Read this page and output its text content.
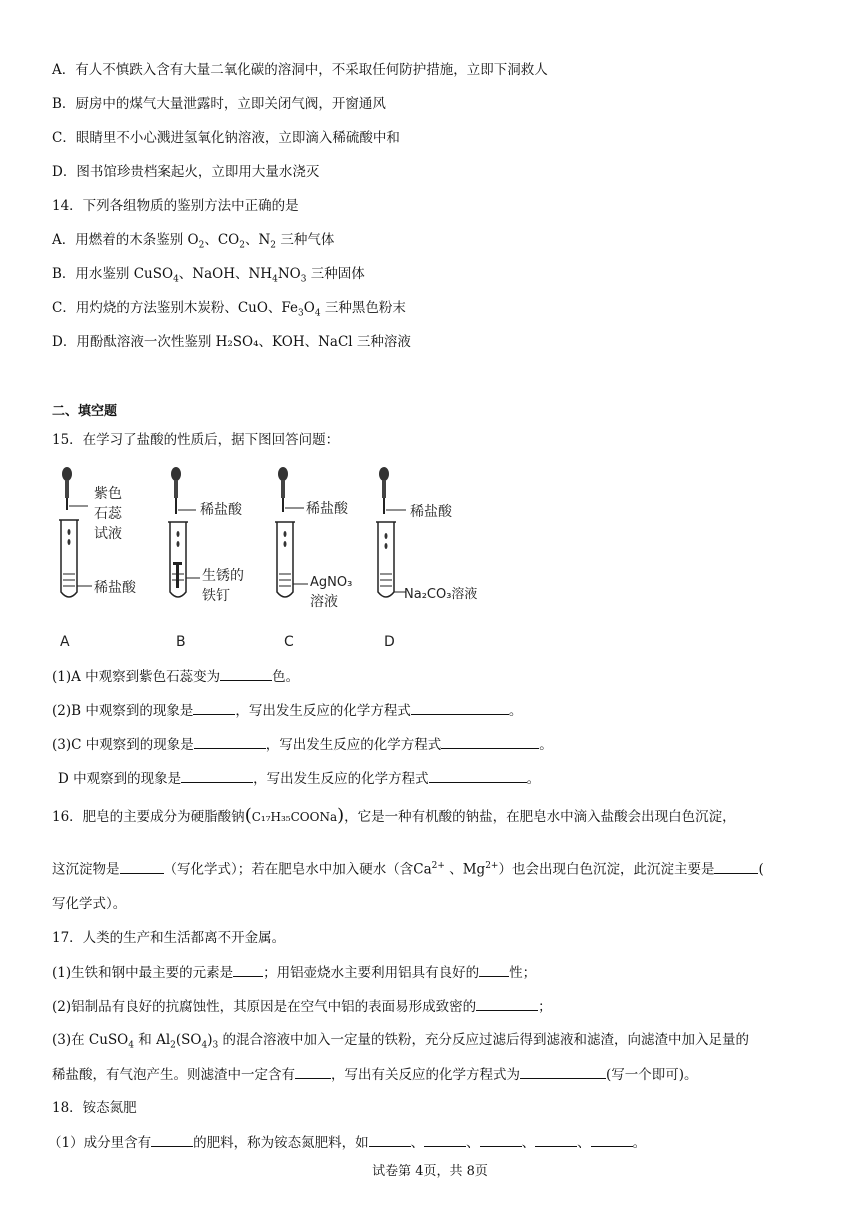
A．有人不慎跌入含有大量二氧化碳的溶洞中，不采取任何防护措施，立即下洞救人
B．厨房中的煤气大量泄露时，立即关闭气阀，开窗通风
C．眼睛里不小心溅进氢氧化钠溶液，立即滴入稀硫酸中和
D．图书馆珍贵档案起火，立即用大量水浇灭
14．下列各组物质的鉴别方法中正确的是
A．用燃着的木条鉴别 $O_2$、$CO_2$、$N_2$ 三种气体
B．用水鉴别 CuSO$_4$、NaOH、$NH_4NO_3$ 三种固体
C．用灼烧的方法鉴别木炭粉、CuO、$Fe_3O_4$ 三种黑色粉末
D．用酚酞溶液一次性鉴别 H₂SO₄、KOH、NaCl 三种溶液
二、填空题
15．在学习了盐酸的性质后，据下图回答问题：
紫色
石蕊
试液
稀盐酸
稀盐酸
生锈的
铁钉
稀盐酸
AgNO₃
溶液
稀盐酸
Na₂CO₃溶液
A	B	C	D
(1)A 中观察到紫色石蕊变为	色。
(2)B 中观察到的现象是	，写出发生反应的化学方程式	。
(3)C 中观察到的现象是	，写出发生反应的化学方程式	。
D 中观察到的现象是	，写出发生反应的化学方程式	。
16．肥皂的主要成分为硬脂酸钠(C₁₇H₃₅COONa)，它是一种有机酸的钠盐，在肥皂水中滴入盐酸会出现白色沉淀，
这沉淀物是	（写化学式）；若在肥皂水中加入硬水（含$Ca^{2+}$ 、$Mg^{2+}$）也会出现白色沉淀，此沉淀主要是	(
写化学式）。
17．人类的生产和生活都离不开金属。
(1)生铁和钢中最主要的元素是 ；用铝壶烧水主要利用铝具有良好的 性；
(2)铝制品有良好的抗腐蚀性，其原因是在空气中铝的表面易形成致密的	；
(3)在 CuSO$_4$ 和 $Al_2(SO_4)_3$ 的混合溶液中加入一定量的铁粉，充分反应过滤后得到滤液和滤渣，向滤渣中加入足量的
稀盐酸，有气泡产生。则滤渣中一定含有	，写出有关反应的化学方程式为	(写一个即可)。
18．铵态氮肥
（1）成分里含有	的肥料，称为铵态氮肥料，如	、	、	、	、	。
试卷第 4页，共 8页
